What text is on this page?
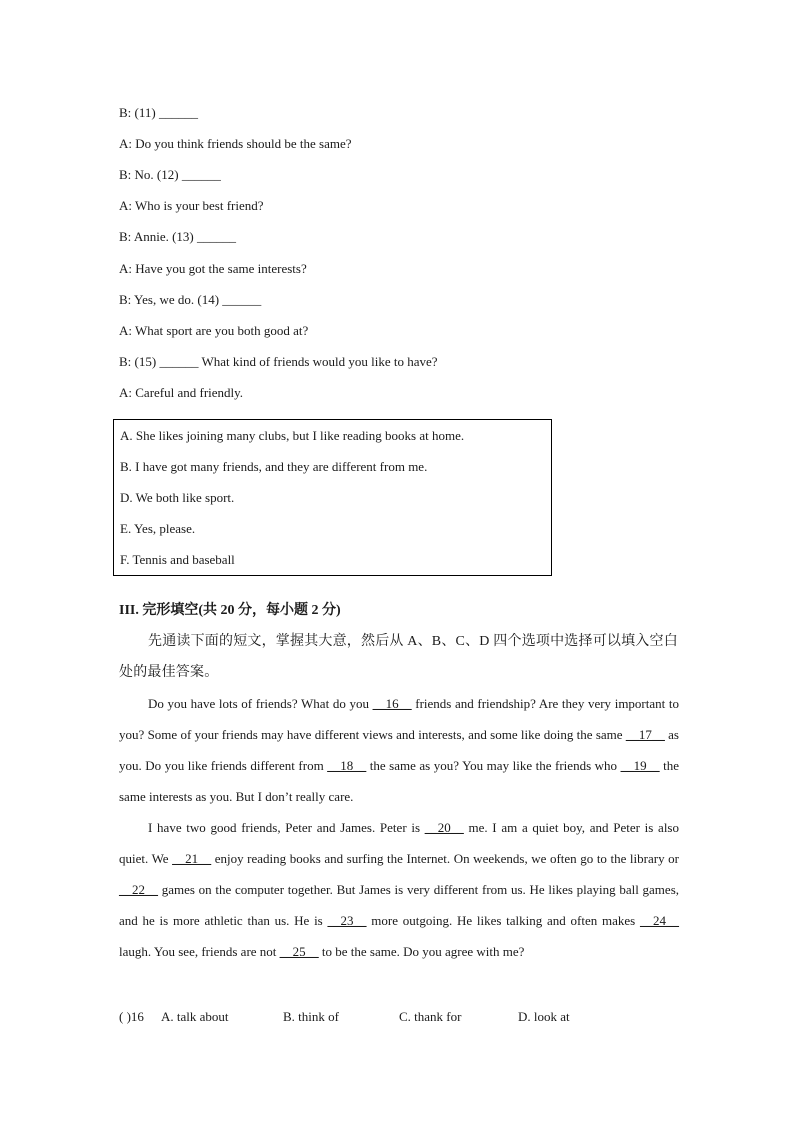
B: (11) ______
A: Do you think friends should be the same?
B: No. (12) ______
A: Who is your best friend?
B: Annie. (13) ______
A: Have you got the same interests?
B: Yes, we do. (14) ______
A: What sport are you both good at?
B: (15) ______ What kind of friends would you like to have?
A: Careful and friendly.
A. She likes joining many clubs, but I like reading books at home.
B. I have got many friends, and they are different from me.
D. We both like sport.
E. Yes, please.
F. Tennis and baseball
III. 完形填空(共 20 分，每小题 2 分)
先通读下面的短文，掌握其大意，然后从 A、B、C、D 四个选项中选择可以填入空白处的最佳答案。

Do you have lots of friends? What do you __16__ friends and friendship? Are they very important to you? Some of your friends may have different views and interests, and some like doing the same __17__ as you. Do you like friends different from __18__ the same as you? You may like the friends who __19__ the same interests as you. But I don’t really care.

I have two good friends, Peter and James. Peter is __20__ me. I am a quiet boy, and Peter is also quiet. We __21__ enjoy reading books and surfing the Internet. On weekends, we often go to the library or __22__ games on the computer together. But James is very different from us. He likes playing ball games, and he is more athletic than us. He is __23__ more outgoing. He likes talking and often makes __24__ laugh. You see, friends are not __25__ to be the same. Do you agree with me?

( )16 A. talk about	B. think of	C. thank for	D. look at
